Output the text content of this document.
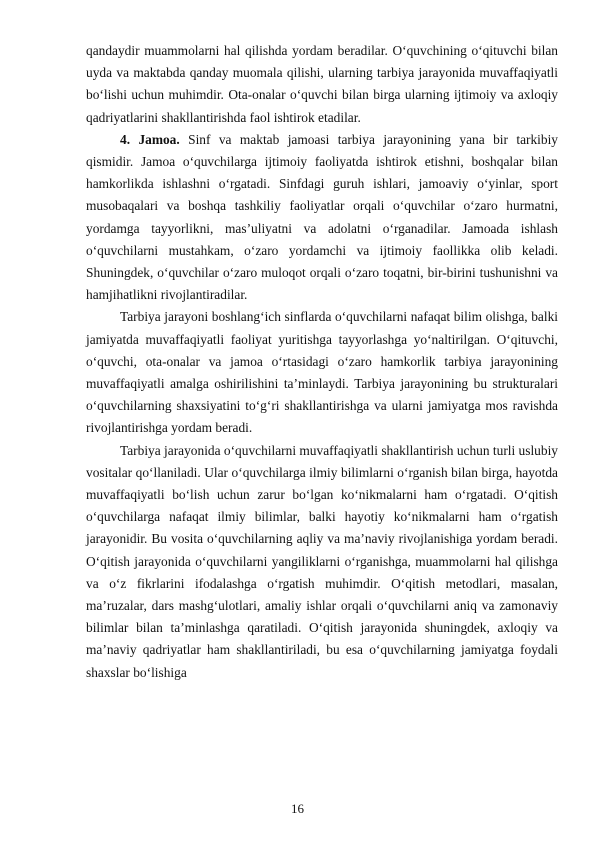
qandaydir muammolarni hal qilishda yordam beradilar. O‘quvchining o‘qituvchi bilan uyda va maktabda qanday muomala qilishi, ularning tarbiya jarayonida muvaffaqiyatli bo‘lishi uchun muhimdir. Ota-onalar o‘quvchi bilan birga ularning ijtimoiy va axloqiy qadriyatlarini shakllantirishda faol ishtirok etadilar.

4. Jamoa. Sinf va maktab jamoasi tarbiya jarayonining yana bir tarkibiy qismidir. Jamoa o‘quvchilarga ijtimoiy faoliyatda ishtirok etishni, boshqalar bilan hamkorlikda ishlashni o‘rgatadi. Sinfdagi guruh ishlari, jamoaviy o‘yinlar, sport musobaqalari va boshqa tashkiliy faoliyatlar orqali o‘quvchilar o‘zaro hurmatni, yordamga tayyorlikni, mas’uliyatni va adolatni o‘rganadilar. Jamoada ishlash o‘quvchilarni mustahkam, o‘zaro yordamchi va ijtimoiy faollikka olib keladi. Shuningdek, o‘quvchilar o‘zaro muloqot orqali o‘zaro toqatni, bir-birini tushunishni va hamjihatlikni rivojlantiradilar.

Tarbiya jarayoni boshlang‘ich sinflarda o‘quvchilarni nafaqat bilim olishga, balki jamiyatda muvaffaqiyatli faoliyat yuritishga tayyorlashga yo‘naltirilgan. O‘qituvchi, o‘quvchi, ota-onalar va jamoa o‘rtasidagi o‘zaro hamkorlik tarbiya jarayonining muvaffaqiyatli amalga oshirilishini ta’minlaydi. Tarbiya jarayonining bu strukturalari o‘quvchilarning shaxsiyatini to‘g‘ri shakllantirishga va ularni jamiyatga mos ravishda rivojlantirishga yordam beradi.

Tarbiya jarayonida o‘quvchilarni muvaffaqiyatli shakllantirish uchun turli uslubiy vositalar qo‘llaniladi. Ular o‘quvchilarga ilmiy bilimlarni o‘rganish bilan birga, hayotda muvaffaqiyatli bo‘lish uchun zarur bo‘lgan ko‘nikmalarni ham o‘rgatadi. O‘qitish o‘quvchilarga nafaqat ilmiy bilimlar, balki hayotiy ko‘nikmalarni ham o‘rgatish jarayonidir. Bu vosita o‘quvchilarning aqliy va ma’naviy rivojlanishiga yordam beradi. O‘qitish jarayonida o‘quvchilarni yangiliklarni o‘rganishga, muammolarni hal qilishga va o‘z fikrlarini ifodalashga o‘rgatish muhimdir. O‘qitish metodlari, masalan, ma’ruzalar, dars mashg‘ulotlari, amaliy ishlar orqali o‘quvchilarni aniq va zamonaviy bilimlar bilan ta’minlashga qaratiladi. O‘qitish jarayonida shuningdek, axloqiy va ma’naviy qadriyatlar ham shakllantiriladi, bu esa o‘quvchilarning jamiyatga foydali shaxslar bo‘lishiga

16
